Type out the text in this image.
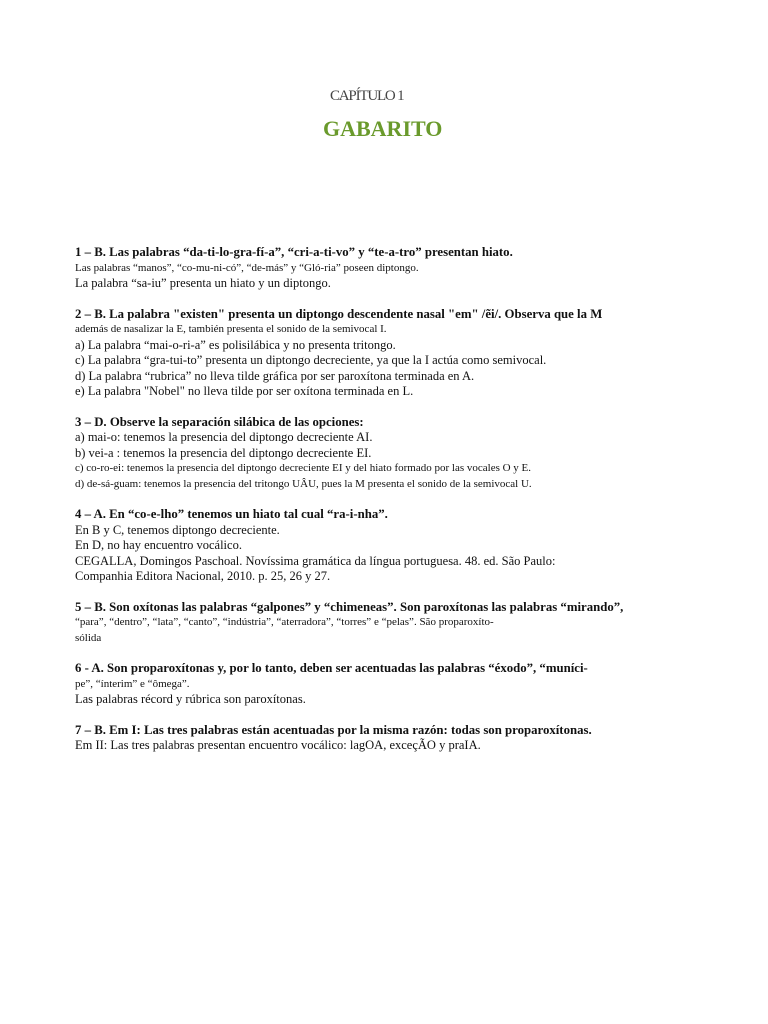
CAPÍTULO 1
GABARITO
1 – B. Las palabras “da-ti-lo-gra-fí-a”, “cri-a-ti-vo” y “te-a-tro” presentan hiato.
Las palabras “manos”, “co-mu-ni-có”, “de-más” y “Gló-ria” poseen diptongo.
La palabra “sa-iu” presenta un hiato y un diptongo.
2 – B. La palabra "existen" presenta un diptongo descendente nasal "em" /ẽi/. Observa que la M
además de nasalizar la E, también presenta el sonido de la semivocal I.
a) La palabra “mai-o-ri-a” es polisilábica y no presenta tritongo.
c) La palabra “gra-tui-to” presenta un diptongo decreciente, ya que la I actúa como semivocal.
d) La palabra “rubrica” no lleva tilde gráfica por ser paroxítona terminada en A.
e) La palabra "Nobel" no lleva tilde por ser oxítona terminada en L.
3 – D. Observe la separación silábica de las opciones:
a) mai-o: tenemos la presencia del diptongo decreciente AI.
b) vei-a : tenemos la presencia del diptongo decreciente EI.
c) co-ro-ei: tenemos la presencia del diptongo decreciente EI y del hiato formado por las vocales O y E.
d) de-sá-guam: tenemos la presencia del tritongo UÂU, pues la M presenta el sonido de la semivocal U.
4 – A. En “co-e-lho” tenemos un hiato tal cual “ra-i-nha”.
En B y C, tenemos diptongo decreciente.
En D, no hay encuentro vocálico.
CEGALLA, Domingos Paschoal. Novíssima gramática da língua portuguesa. 48. ed. São Paulo:
Companhia Editora Nacional, 2010. p. 25, 26 y 27.
5 – B. Son oxítonas las palabras “galpones” y “chimeneas”. Son paroxítonas las palabras “mirando”,
“para”, “dentro”, “lata”, “canto”, “indústria”, “aterradora”, “torres” e “pelas”. São proparoxíto-
sólida
6 - A. Son proparoxítonas y, por lo tanto, deben ser acentuadas las palabras “éxodo”, “muníci-
pe”, “ínterim” e “ômega”.
Las palabras récord y rúbrica son paroxítonas.
7 – B. Em I: Las tres palabras están acentuadas por la misma razón: todas son proparoxítonas.
Em II: Las tres palabras presentan encuentro vocálico: lagOA, exceçÃO y praIA.
